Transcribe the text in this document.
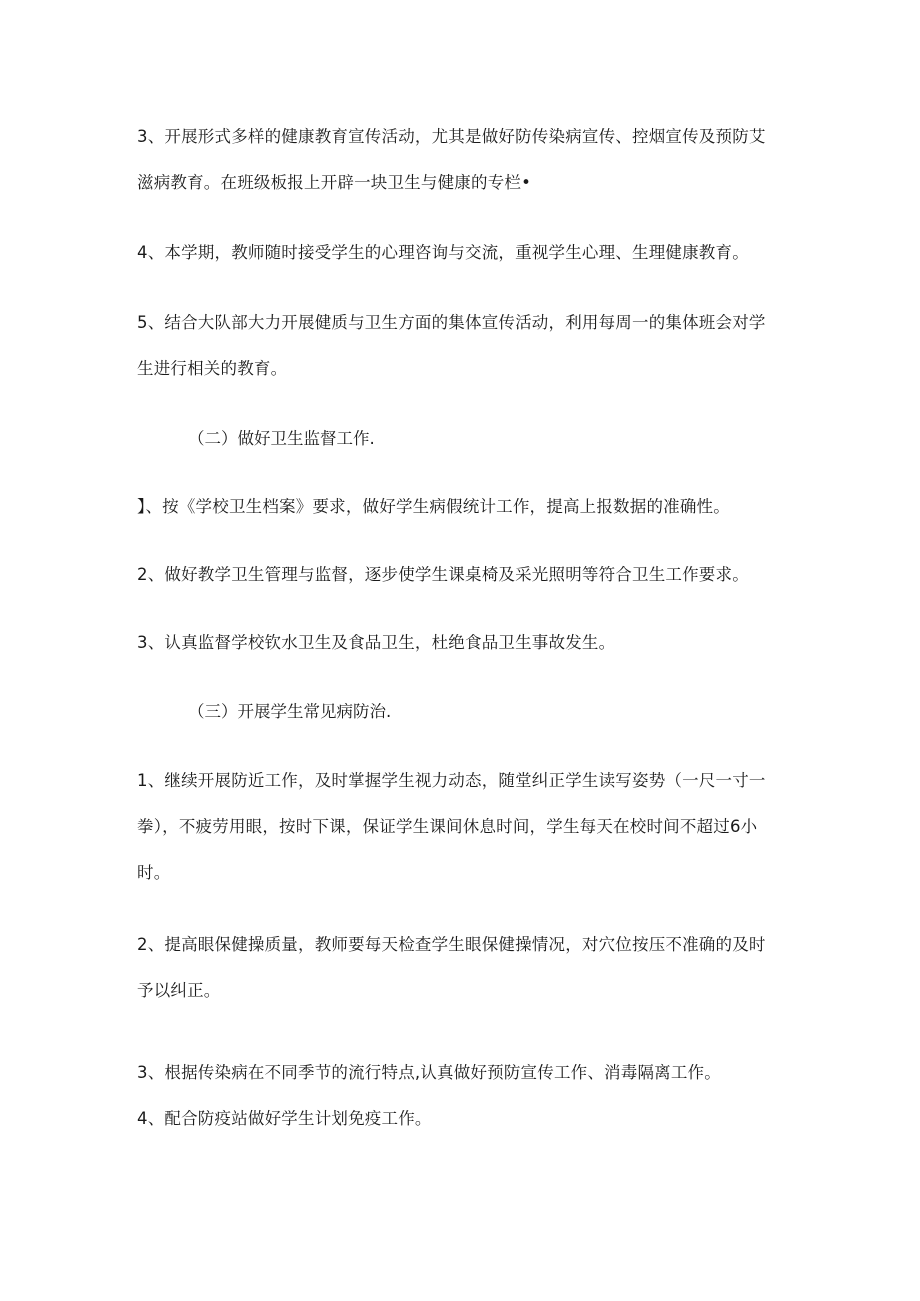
3、开展形式多样的健康教育宣传活动，尤其是做好防传染病宣传、控烟宣传及预防艾
滋病教育。在班级板报上开辟一块卫生与健康的专栏•

4、本学期，教师随时接受学生的心理咨询与交流，重视学生心理、生理健康教育。

5、结合大队部大力开展健质与卫生方面的集体宣传活动，利用每周一的集体班会对学
生进行相关的教育。

（二）做好卫生监督工作.

】、按《学校卫生档案》要求，做好学生病假统计工作，提高上报数据的准确性。

2、做好教学卫生管理与监督，逐步使学生课桌椅及采光照明等符合卫生工作要求。

3、认真监督学校钦水卫生及食品卫生，杜绝食品卫生事故发生。

（三）开展学生常见病防治.

1、继续开展防近工作，及时掌握学生视力动态，随堂纠正学生读写姿势（一尺一寸一
拳），不疲劳用眼，按时下课，保证学生课间休息时间，学生每天在校时间不超过6小
时。

2、提高眼保健操质量，教师要每天检查学生眼保健操情况，对穴位按压不准确的及时
予以纠正。

3、根据传染病在不同季节的流行特点,认真做好预防宣传工作、消毒隔离工作。

4、配合防疫站做好学生计划免疫工作。
